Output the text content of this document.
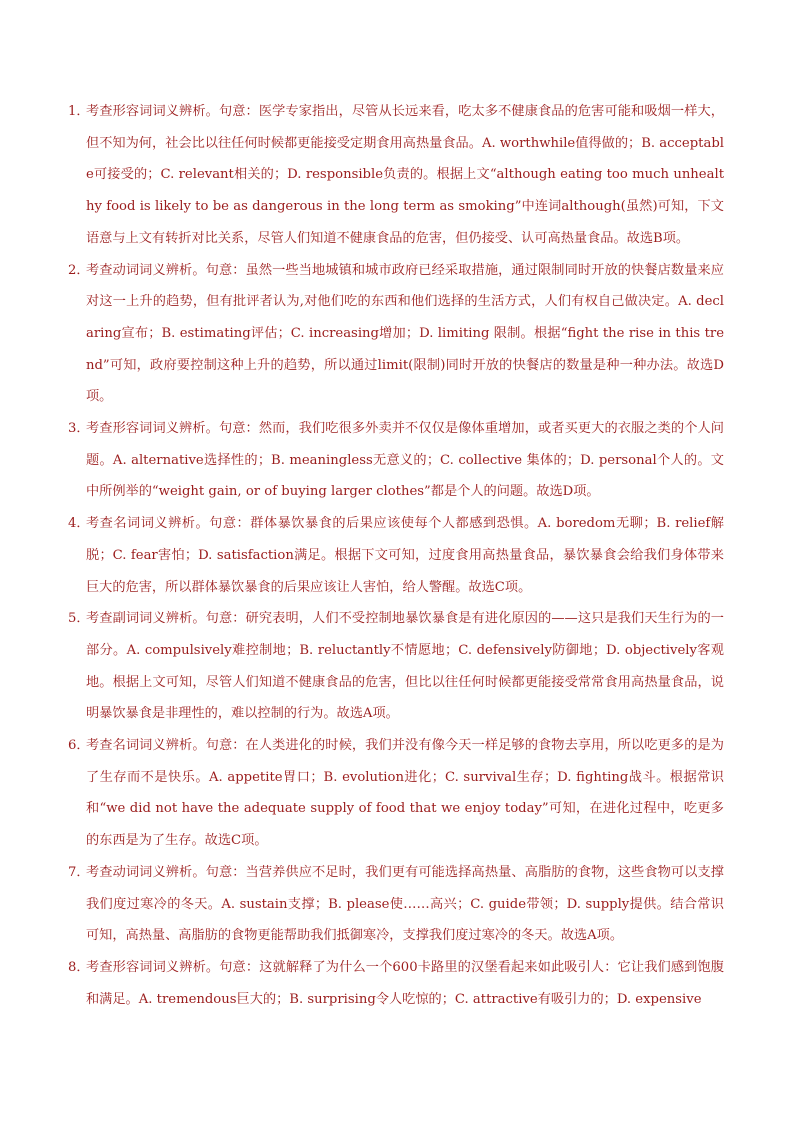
1．
考查形容词词义辨析。句意：医学专家指出，尽管从长远来看，吃太多不健康食品的危害可能和吸烟一样大，但不知为何，社会比以往任何时候都更能接受定期食用高热量食品。A. worthwhile值得做的；B. acceptable可接受的；C. relevant相关的；D. responsible负责的。根据上文“although eating too much unhealthy food is likely to be as dangerous in the long term as smoking”中连词although(虽然)可知，下文语意与上文有转折对比关系，尽管人们知道不健康食品的危害，但仍接受、认可高热量食品。故选B项。
2．
考查动词词义辨析。句意：虽然一些当地城镇和城市政府已经采取措施，通过限制同时开放的快餐店数量来应对这一上升的趋势，但有批评者认为,对他们吃的东西和他们选择的生活方式，人们有权自己做决定。A. declaring宣布；B. estimating评估；C. increasing增加；D. limiting 限制。根据“fight the rise in this trend”可知，政府要控制这种上升的趋势，所以通过limit(限制)同时开放的快餐店的数量是种一种办法。故选D项。
3．
考查形容词词义辨析。句意：然而，我们吃很多外卖并不仅仅是像体重增加，或者买更大的衣服之类的个人问题。A. alternative选择性的；B. meaningless无意义的；C. collective 集体的；D. personal个人的。文中所例举的“weight gain, or of buying larger clothes”都是个人的问题。故选D项。
4．
考查名词词义辨析。句意：群体暴饮暴食的后果应该使每个人都感到恐惧。A. boredom无聊；B. relief解脱；C. fear害怕；D. satisfaction满足。根据下文可知，过度食用高热量食品，暴饮暴食会给我们身体带来巨大的危害，所以群体暴饮暴食的后果应该让人害怕，给人警醒。故选C项。
5．
考查副词词义辨析。句意：研究表明，人们不受控制地暴饮暴食是有进化原因的——这只是我们天生行为的一部分。A. compulsively难控制地；B. reluctantly不情愿地；C. defensively防御地；D. objectively客观地。根据上文可知，尽管人们知道不健康食品的危害，但比以往任何时候都更能接受常常食用高热量食品，说明暴饮暴食是非理性的，难以控制的行为。故选A项。
6．
考查名词词义辨析。句意：在人类进化的时候，我们并没有像今天一样足够的食物去享用，所以吃更多的是为了生存而不是快乐。A. appetite胃口；B. evolution进化；C. survival生存；D. fighting战斗。根据常识和“we did not have the adequate supply of food that we enjoy today”可知，在进化过程中，吃更多的东西是为了生存。故选C项。
7．
考查动词词义辨析。句意：当营养供应不足时，我们更有可能选择高热量、高脂肪的食物，这些食物可以支撑我们度过寒冷的冬天。A. sustain支撑；B. please使……高兴；C. guide带领；D. supply提供。结合常识可知，高热量、高脂肪的食物更能帮助我们抵御寒冷，支撑我们度过寒冷的冬天。故选A项。
8．
考查形容词词义辨析。句意：这就解释了为什么一个600卡路里的汉堡看起来如此吸引人：它让我们感到饱腹和满足。A. tremendous巨大的；B. surprising令人吃惊的；C. attractive有吸引力的；D. expensive
